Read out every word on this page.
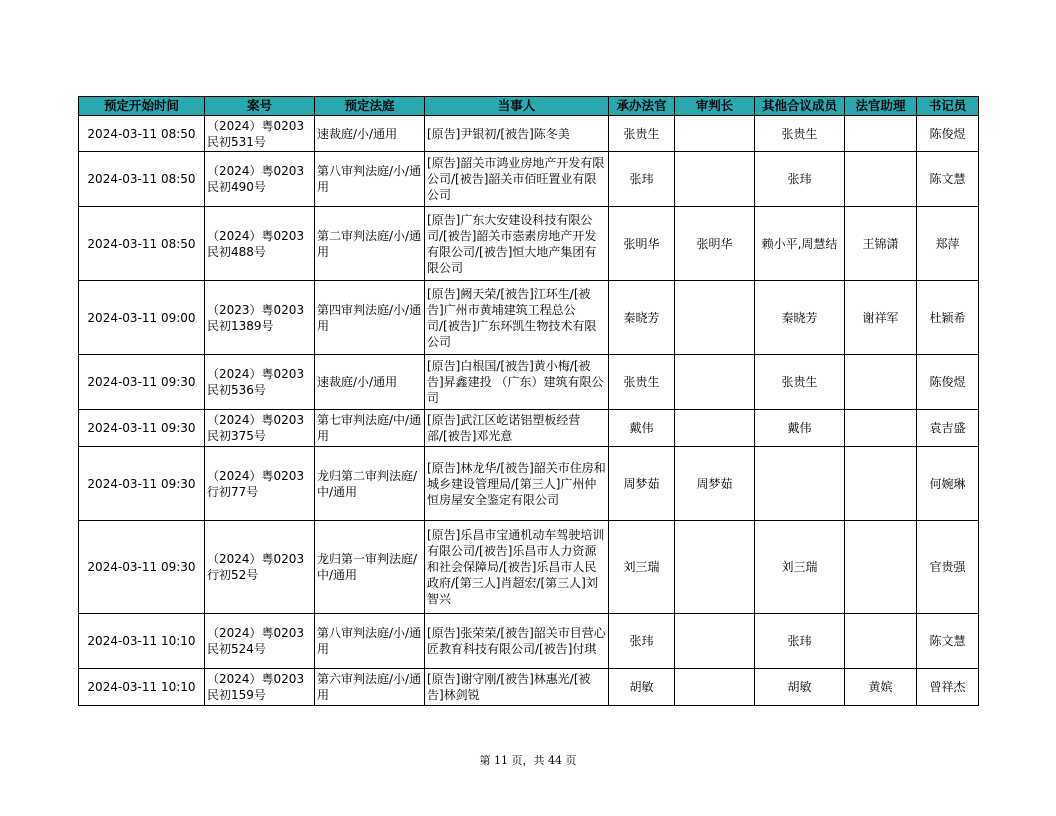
预定开始时间	案号	预定法庭	当事人	承办法官	审判长	其他合议成员	法官助理	书记员
2024-03-11 08:50	（2024）粤0203民初531号	速裁庭/小/通用	[原告]尹银初/[被告]陈冬美	张贵生		张贵生		陈俊煜
2024-03-11 08:50	（2024）粤0203民初490号	第八审判法庭/小/通用	[原告]韶关市鸿业房地产开发有限公司/[被告]韶关市佰旺置业有限公司	张玮		张玮		陈文慧
2024-03-11 08:50	（2024）粤0203民初488号	第二审判法庭/小/通用	[原告]广东大安建设科技有限公司/[被告]韶关市悫素房地产开发有限公司/[被告]恒大地产集团有限公司	张明华	张明华	赖小平,周慧结	王锦潇	郑萍
2024-03-11 09:00	（2023）粤0203民初1389号	第四审判法庭/小/通用	[原告]阙天荣/[被告]江环生/[被告]广州市黄埔建筑工程总公司/[被告]广东环凯生物技术有限公司	秦晓芳		秦晓芳	谢祥军	杜颖希
2024-03-11 09:30	（2024）粤0203民初536号	速裁庭/小/通用	[原告]白根国/[被告]黄小梅/[被告]昇鑫建投 （广东）建筑有限公司	张贵生		张贵生		陈俊煜
2024-03-11 09:30	（2024）粤0203民初375号	第七审判法庭/中/通用	[原告]武江区屹诺铝塑板经营部/[被告]邓光意	戴伟		戴伟		袁吉盛
2024-03-11 09:30	（2024）粤0203行初77号	龙归第二审判法庭/中/通用	[原告]林龙华/[被告]韶关市住房和城乡建设管理局/[第三人]广州仲恒房屋安全鉴定有限公司	周梦茹	周梦茹			何婉琳
2024-03-11 09:30	（2024）粤0203行初52号	龙归第一审判法庭/中/通用	[原告]乐昌市宝通机动车驾驶培训有限公司/[被告]乐昌市人力资源和社会保障局/[被告]乐昌市人民政府/[第三人]肖超宏/[第三人]刘智兴	刘三瑞		刘三瑞		官贵强
2024-03-11 10:10	（2024）粤0203民初524号	第八审判法庭/小/通用	[原告]张荣荣/[被告]韶关市目营心匠教育科技有限公司/[被告]付琪	张玮		张玮		陈文慧
2024-03-11 10:10	（2024）粤0203民初159号	第六审判法庭/小/通用	[原告]谢守刚/[被告]林惠光/[被告]林剑锐	胡敏		胡敏	黄嫔	曾祥杰
第 11 页，共 44 页
